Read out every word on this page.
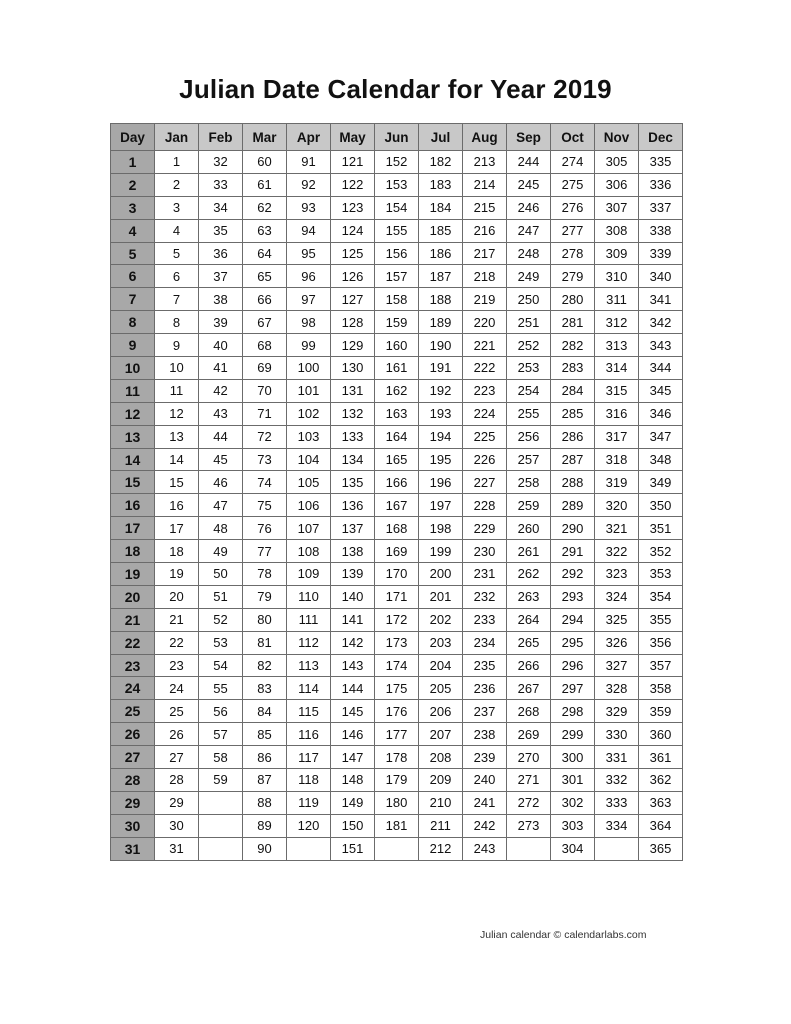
Julian Date Calendar for Year 2019
Day	Jan	Feb	Mar	Apr	May	Jun	Jul	Aug	Sep	Oct	Nov	Dec
1	1	32	60	91	121	152	182	213	244	274	305	335
2	2	33	61	92	122	153	183	214	245	275	306	336
3	3	34	62	93	123	154	184	215	246	276	307	337
4	4	35	63	94	124	155	185	216	247	277	308	338
5	5	36	64	95	125	156	186	217	248	278	309	339
6	6	37	65	96	126	157	187	218	249	279	310	340
7	7	38	66	97	127	158	188	219	250	280	311	341
8	8	39	67	98	128	159	189	220	251	281	312	342
9	9	40	68	99	129	160	190	221	252	282	313	343
10	10	41	69	100	130	161	191	222	253	283	314	344
11	11	42	70	101	131	162	192	223	254	284	315	345
12	12	43	71	102	132	163	193	224	255	285	316	346
13	13	44	72	103	133	164	194	225	256	286	317	347
14	14	45	73	104	134	165	195	226	257	287	318	348
15	15	46	74	105	135	166	196	227	258	288	319	349
16	16	47	75	106	136	167	197	228	259	289	320	350
17	17	48	76	107	137	168	198	229	260	290	321	351
18	18	49	77	108	138	169	199	230	261	291	322	352
19	19	50	78	109	139	170	200	231	262	292	323	353
20	20	51	79	110	140	171	201	232	263	293	324	354
21	21	52	80	111	141	172	202	233	264	294	325	355
22	22	53	81	112	142	173	203	234	265	295	326	356
23	23	54	82	113	143	174	204	235	266	296	327	357
24	24	55	83	114	144	175	205	236	267	297	328	358
25	25	56	84	115	145	176	206	237	268	298	329	359
26	26	57	85	116	146	177	207	238	269	299	330	360
27	27	58	86	117	147	178	208	239	270	300	331	361
28	28	59	87	118	148	179	209	240	271	301	332	362
29	29		88	119	149	180	210	241	272	302	333	363
30	30		89	120	150	181	211	242	273	303	334	364
31	31		90		151		212	243		304		365
Julian calendar © calendarlabs.com
